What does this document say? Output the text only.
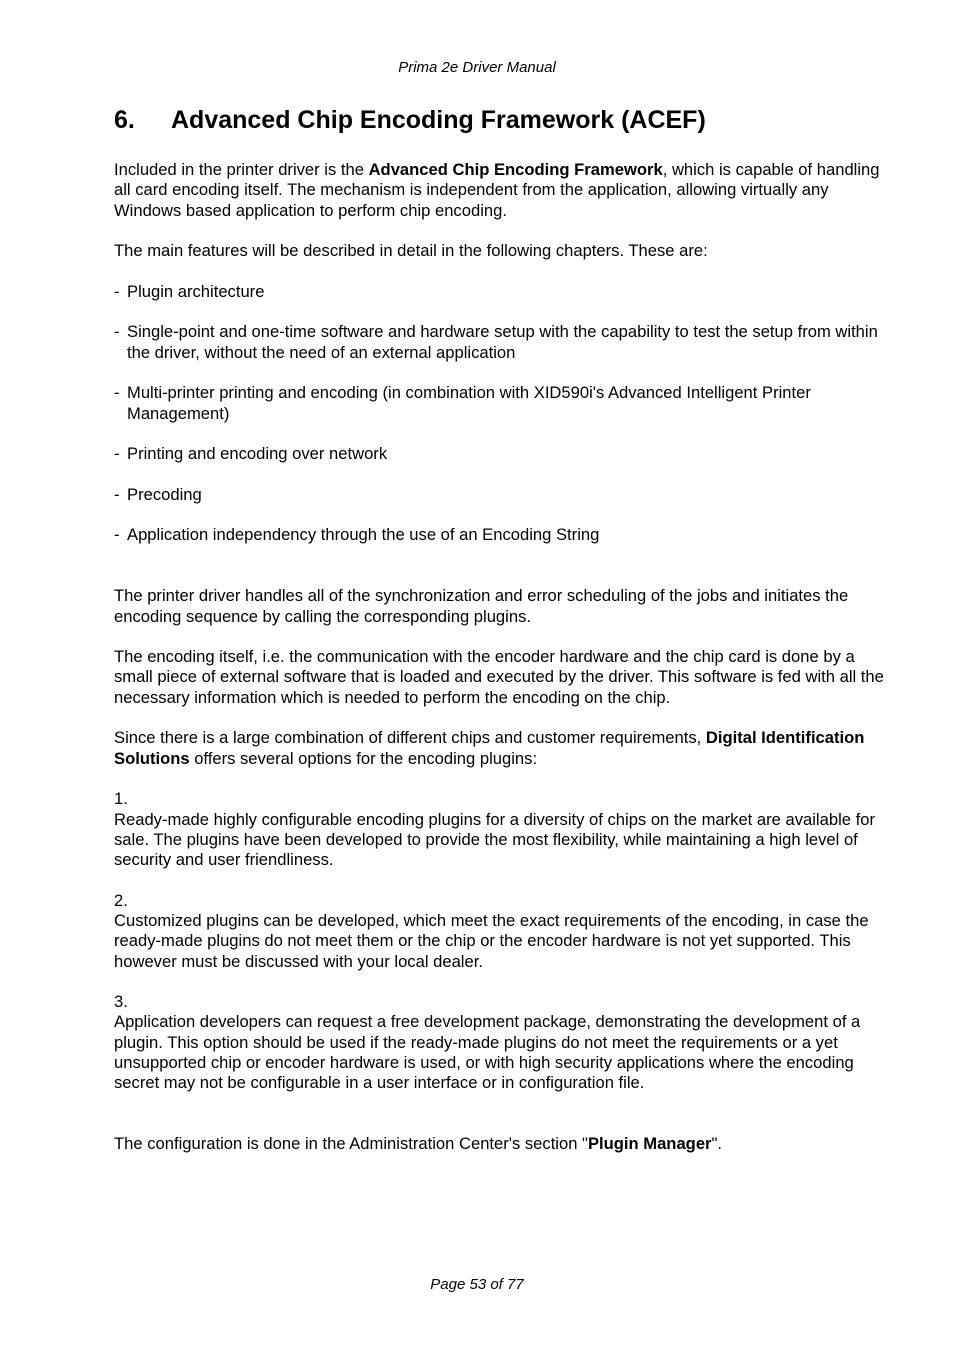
Prima 2e Driver Manual
6. Advanced Chip Encoding Framework (ACEF)

Included in the printer driver is the Advanced Chip Encoding Framework, which is capable of handling all card encoding itself. The mechanism is independent from the application, allowing virtually any Windows based application to perform chip encoding.

The main features will be described in detail in the following chapters. These are:

- Plugin architecture
- Single-point and one-time software and hardware setup with the capability to test the setup from within the driver, without the need of an external application
- Multi-printer printing and encoding (in combination with XID590i's Advanced Intelligent Printer Management)
- Printing and encoding over network
- Precoding
- Application independency through the use of an Encoding String

The printer driver handles all of the synchronization and error scheduling of the jobs and initiates the encoding sequence by calling the corresponding plugins.

The encoding itself, i.e. the communication with the encoder hardware and the chip card is done by a small piece of external software that is loaded and executed by the driver. This software is fed with all the necessary information which is needed to perform the encoding on the chip.

Since there is a large combination of different chips and customer requirements, Digital Identification Solutions offers several options for the encoding plugins:

1.
Ready-made highly configurable encoding plugins for a diversity of chips on the market are available for sale. The plugins have been developed to provide the most flexibility, while maintaining a high level of security and user friendliness.

2.
Customized plugins can be developed, which meet the exact requirements of the encoding, in case the ready-made plugins do not meet them or the chip or the encoder hardware is not yet supported. This however must be discussed with your local dealer.

3.
Application developers can request a free development package, demonstrating the development of a plugin. This option should be used if the ready-made plugins do not meet the requirements or a yet unsupported chip or encoder hardware is used, or with high security applications where the encoding secret may not be configurable in a user interface or in configuration file.

The configuration is done in the Administration Center's section "Plugin Manager".

Page 53 of 77
